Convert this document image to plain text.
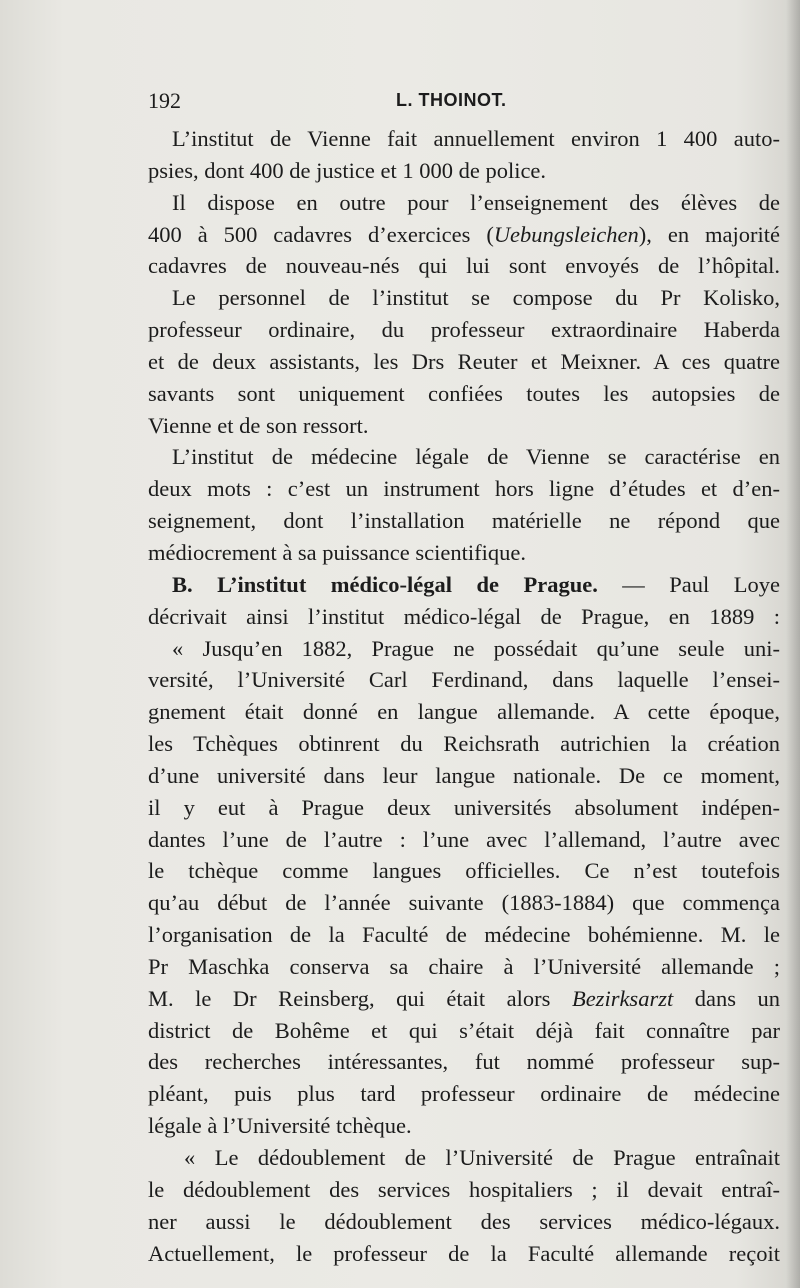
192	L. THOINOT.
L’institut de Vienne fait annuellement environ 1 400 auto-
psies, dont 400 de justice et 1 000 de police.
Il dispose en outre pour l’enseignement des élèves de
400 à 500 cadavres d’exercices (Uebungsleichen), en majorité
cadavres de nouveau-nés qui lui sont envoyés de l’hôpital.
Le personnel de l’institut se compose du Pr Kolisko,
professeur ordinaire, du professeur extraordinaire Haberda
et de deux assistants, les Drs Reuter et Meixner. A ces quatre
savants sont uniquement confiées toutes les autopsies de
Vienne et de son ressort.
L’institut de médecine légale de Vienne se caractérise en
deux mots : c’est un instrument hors ligne d’études et d’en-
seignement, dont l’installation matérielle ne répond que
médiocrement à sa puissance scientifique.
B. L’institut médico-légal de Prague. — Paul Loye
décrivait ainsi l’institut médico-légal de Prague, en 1889 :
« Jusqu’en 1882, Prague ne possédait qu’une seule uni-
versité, l’Université Carl Ferdinand, dans laquelle l’ensei-
gnement était donné en langue allemande. A cette époque,
les Tchèques obtinrent du Reichsrath autrichien la création
d’une université dans leur langue nationale. De ce moment,
il y eut à Prague deux universités absolument indépen-
dantes l’une de l’autre : l’une avec l’allemand, l’autre avec
le tchèque comme langues officielles. Ce n’est toutefois
qu’au début de l’année suivante (1883-1884) que commença
l’organisation de la Faculté de médecine bohémienne. M. le
Pr Maschka conserva sa chaire à l’Université allemande ;
M. le Dr Reinsberg, qui était alors Bezirksarzt dans un
district de Bohême et qui s’était déjà fait connaître par
des recherches intéressantes, fut nommé professeur sup-
pléant, puis plus tard professeur ordinaire de médecine
légale à l’Université tchèque.
« Le dédoublement de l’Université de Prague entraînait
le dédoublement des services hospitaliers ; il devait entraî-
ner aussi le dédoublement des services médico-légaux.
Actuellement, le professeur de la Faculté allemande reçoit
